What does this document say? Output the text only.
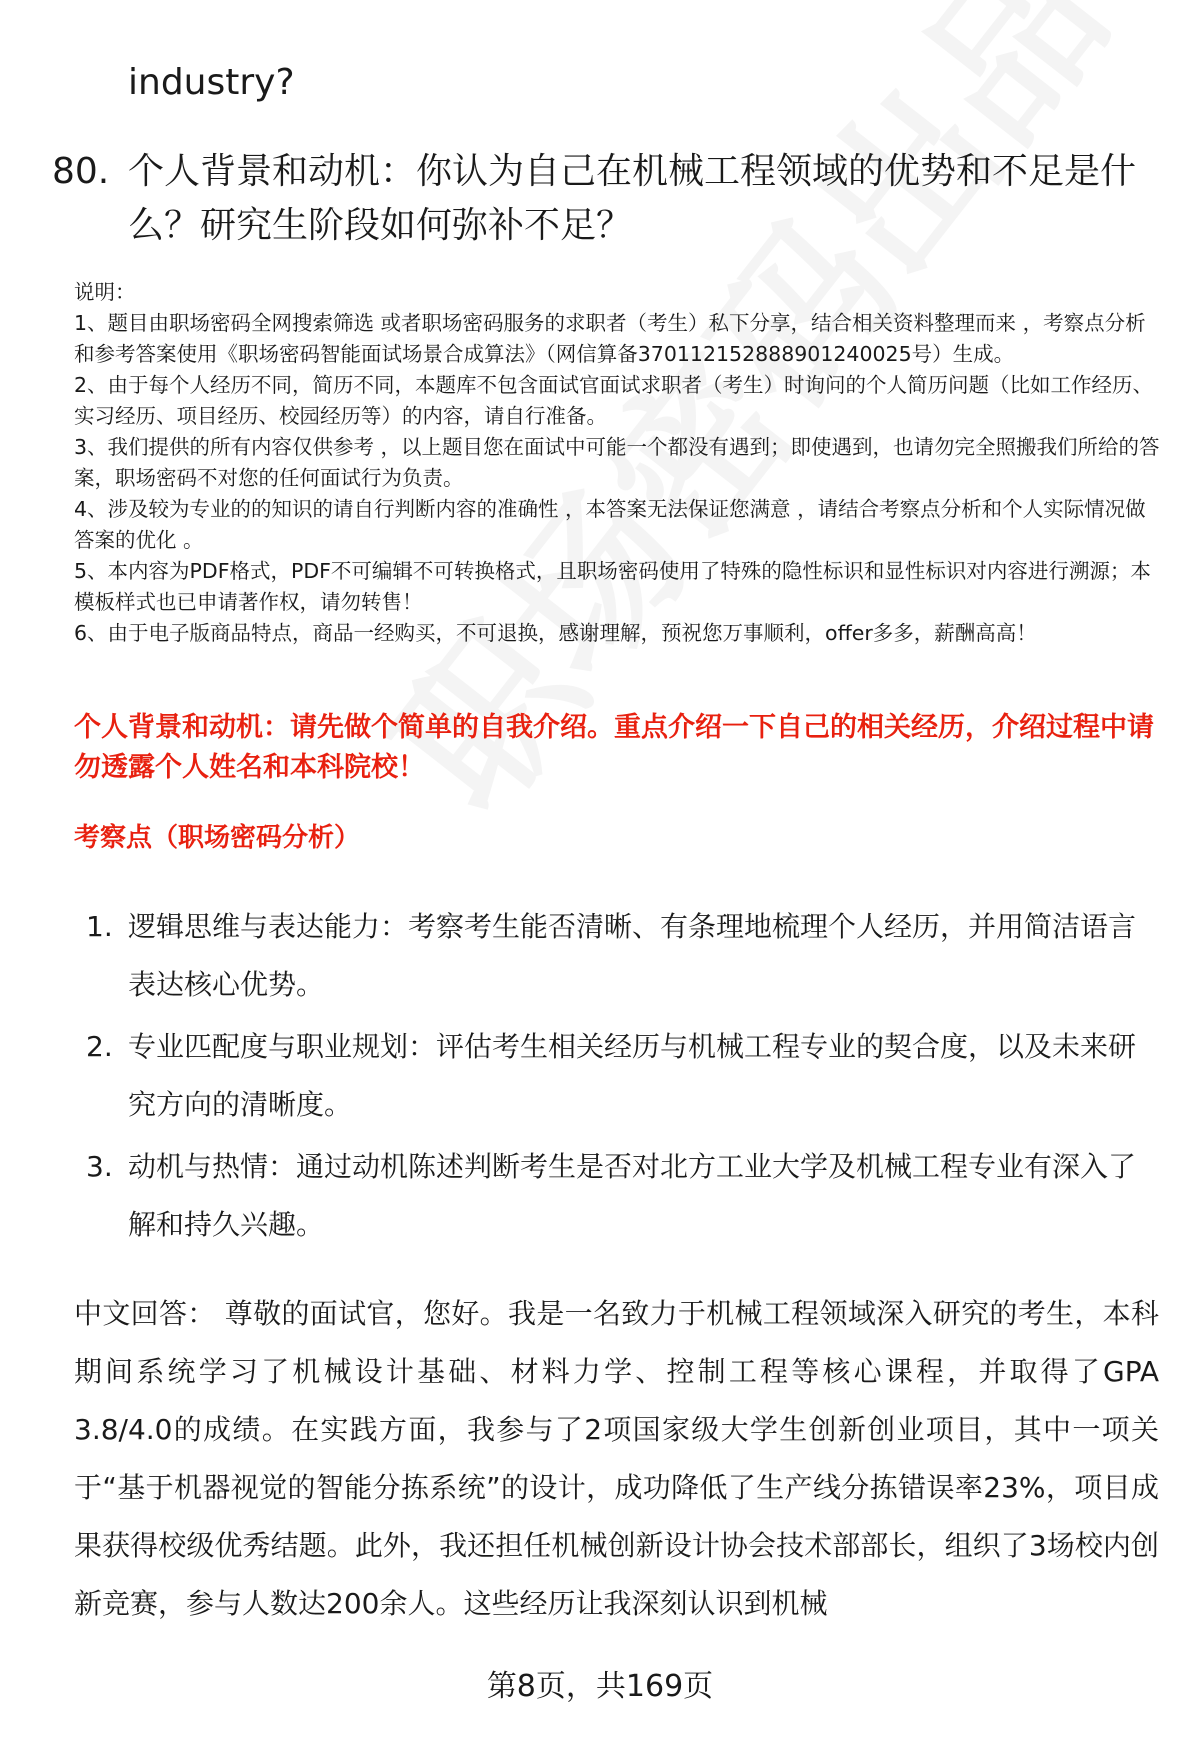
industry?

80. 个人背景和动机：你认为自己在机械工程领域的优势和不足是什么？研究生阶段如何弥补不足？
说明：
1、题目由职场密码全网搜索筛选 或者职场密码服务的求职者（考生）私下分享，结合相关资料整理而来 ，考察点分析和参考答案使用《职场密码智能面试场景合成算法》（网信算备370112152888901240025号）生成。
2、由于每个人经历不同，简历不同，本题库不包含面试官面试求职者（考生）时询问的个人简历问题（比如工作经历、实习经历、项目经历、校园经历等）的内容，请自行准备。
3、我们提供的所有内容仅供参考 ，以上题目您在面试中可能一个都没有遇到；即使遇到，也请勿完全照搬我们所给的答案，职场密码不对您的任何面试行为负责。
4、涉及较为专业的的知识的请自行判断内容的准确性 ，本答案无法保证您满意 ，请结合考察点分析和个人实际情况做答案的优化 。
5、本内容为PDF格式，PDF不可编辑不可转换格式，且职场密码使用了特殊的隐性标识和显性标识对内容进行溯源；本模板样式也已申请著作权，请勿转售！
6、由于电子版商品特点，商品一经购买，不可退换，感谢理解，预祝您万事顺利，offer多多，薪酬高高！
个人背景和动机：请先做个简单的自我介绍。重点介绍一下自己的相关经历，介绍过程中请勿透露个人姓名和本科院校！
考察点（职场密码分析）
1. 逻辑思维与表达能力：考察考生能否清晰、有条理地梳理个人经历，并用简洁语言表达核心优势。
2. 专业匹配度与职业规划：评估考生相关经历与机械工程专业的契合度，以及未来研究方向的清晰度。
3. 动机与热情：通过动机陈述判断考生是否对北方工业大学及机械工程专业有深入了解和持久兴趣。

中文回答： 尊敬的面试官，您好。我是一名致力于机械工程领域深入研究的考生，本科期间系统学习了机械设计基础、材料力学、控制工程等核心课程，并取得了GPA 3.8/4.0的成绩。在实践方面，我参与了2项国家级大学生创新创业项目，其中一项关于“基于机器视觉的智能分拣系统”的设计，成功降低了生产线分拣错误率23%，项目成果获得校级优秀结题。此外，我还担任机械创新设计协会技术部部长，组织了3场校内创新竞赛，参与人数达200余人。这些经历让我深刻认识到机械

第8页，共169页
